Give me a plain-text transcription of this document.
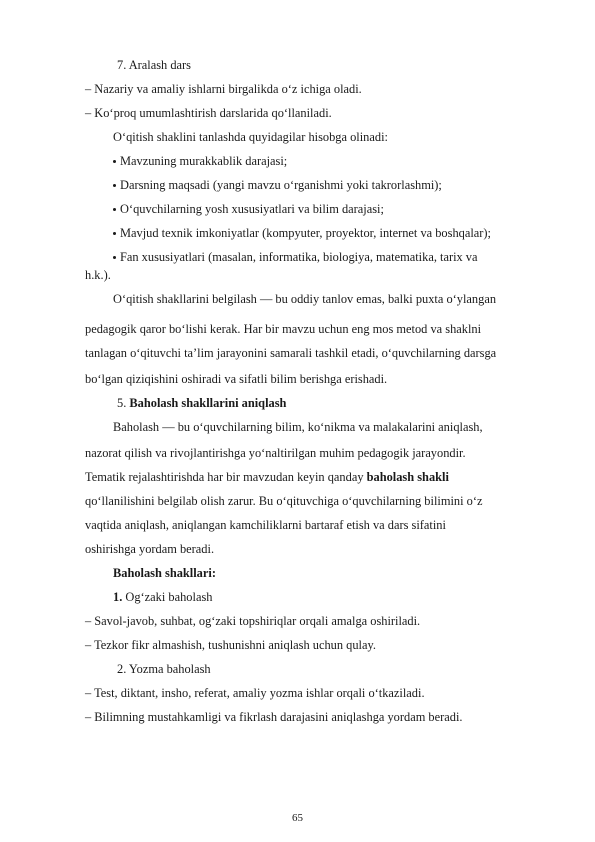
7. Aralash dars
– Nazariy va amaliy ishlarni birgalikda o‘z ichiga oladi.
– Ko‘proq umumlashtirish darslarida qo‘llaniladi.
O‘qitish shaklini tanlashda quyidagilar hisobga olinadi:
Mavzuning murakkablik darajasi;
Darsning maqsadi (yangi mavzu o‘rganishmi yoki takrorlashmi);
O‘quvchilarning yosh xususiyatlari va bilim darajasi;
Mavjud texnik imkoniyatlar (kompyuter, proyektor, internet va boshqalar);
Fan xususiyatlari (masalan, informatika, biologiya, matematika, tarix va
h.k.).
O‘qitish shakllarini belgilash — bu oddiy tanlov emas, balki puxta o‘ylangan
pedagogik qaror bo‘lishi kerak. Har bir mavzu uchun eng mos metod va shaklni
tanlagan o‘qituvchi ta’lim jarayonini samarali tashkil etadi, o‘quvchilarning darsga
bo‘lgan qiziqishini oshiradi va sifatli bilim berishga erishadi.
5. Baholash shakllarini aniqlash
Baholash — bu o‘quvchilarning bilim, ko‘nikma va malakalarini aniqlash,
nazorat qilish va rivojlantirishga yo‘naltirilgan muhim pedagogik jarayondir.
Tematik rejalashtirishda har bir mavzudan keyin qanday baholash shakli
qo‘llanilishini belgilab olish zarur. Bu o‘qituvchiga o‘quvchilarning bilimini o‘z
vaqtida aniqlash, aniqlangan kamchiliklarni bartaraf etish va dars sifatini
oshirishga yordam beradi.
Baholash shakllari:
1. Og‘zaki baholash
– Savol-javob, suhbat, og‘zaki topshiriqlar orqali amalga oshiriladi.
– Tezkor fikr almashish, tushunishni aniqlash uchun qulay.
2. Yozma baholash
– Test, diktant, insho, referat, amaliy yozma ishlar orqali o‘tkaziladi.
– Bilimning mustahkamligi va fikrlash darajasini aniqlashga yordam beradi.
65
